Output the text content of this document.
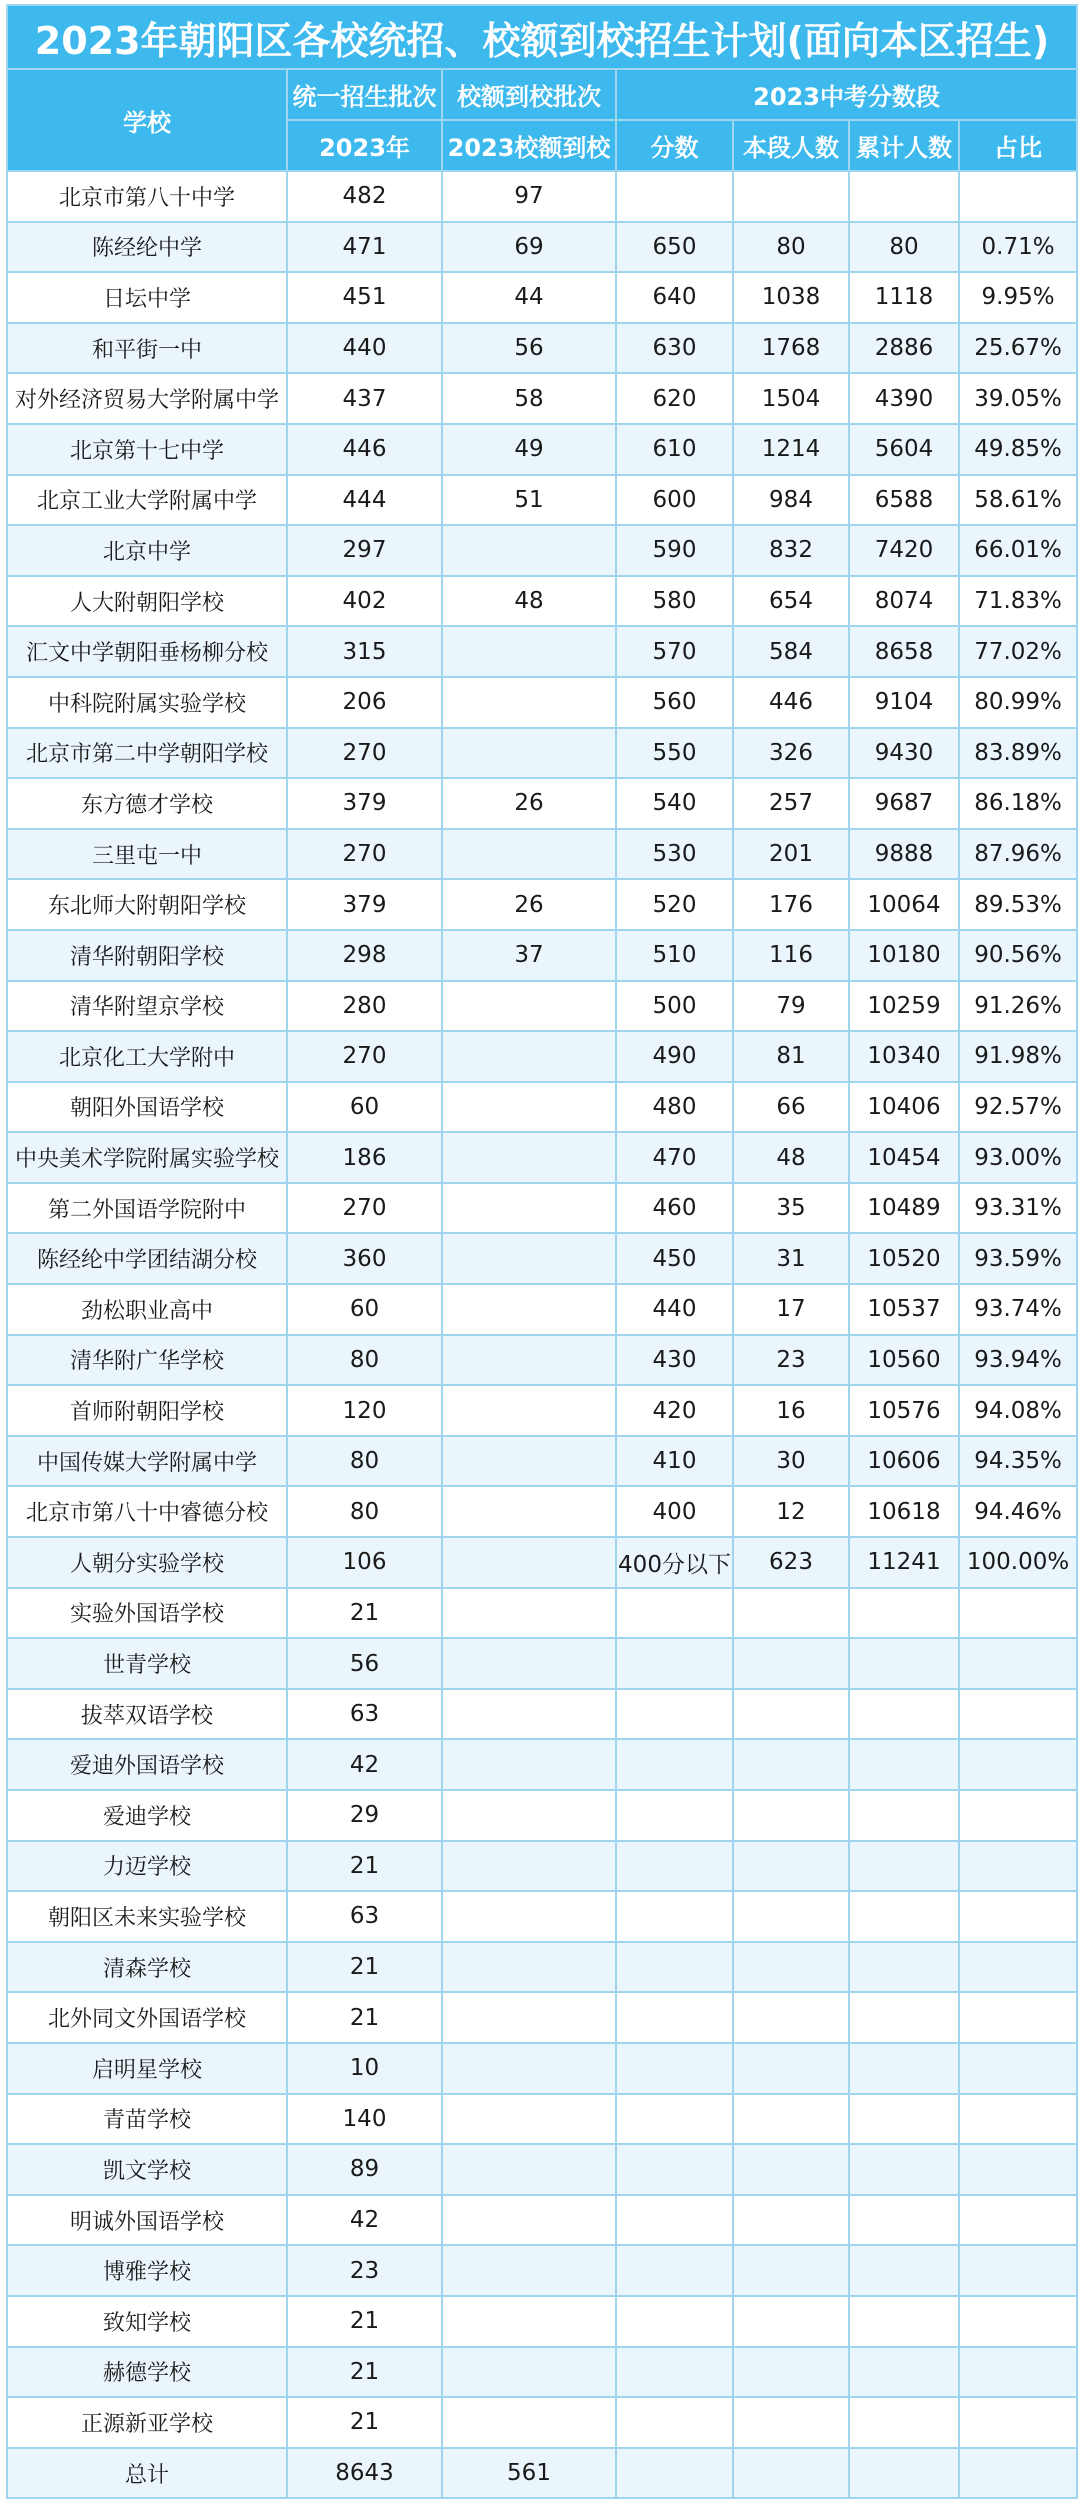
2023年朝阳区各校统招、校额到校招生计划(面向本区招生)						
学校	统一招生批次	校额到校批次	2023中考分数段			
	2023年	2023校额到校	分数	本段人数	累计人数	占比
北京市第八十中学	482	97				
陈经纶中学	471	69	650	80	80	0.71%
日坛中学	451	44	640	1038	1118	9.95%
和平街一中	440	56	630	1768	2886	25.67%
对外经济贸易大学附属中学	437	58	620	1504	4390	39.05%
北京第十七中学	446	49	610	1214	5604	49.85%
北京工业大学附属中学	444	51	600	984	6588	58.61%
北京中学	297		590	832	7420	66.01%
人大附朝阳学校	402	48	580	654	8074	71.83%
汇文中学朝阳垂杨柳分校	315		570	584	8658	77.02%
中科院附属实验学校	206		560	446	9104	80.99%
北京市第二中学朝阳学校	270		550	326	9430	83.89%
东方德才学校	379	26	540	257	9687	86.18%
三里屯一中	270		530	201	9888	87.96%
东北师大附朝阳学校	379	26	520	176	10064	89.53%
清华附朝阳学校	298	37	510	116	10180	90.56%
清华附望京学校	280		500	79	10259	91.26%
北京化工大学附中	270		490	81	10340	91.98%
朝阳外国语学校	60		480	66	10406	92.57%
中央美术学院附属实验学校	186		470	48	10454	93.00%
第二外国语学院附中	270		460	35	10489	93.31%
陈经纶中学团结湖分校	360		450	31	10520	93.59%
劲松职业高中	60		440	17	10537	93.74%
清华附广华学校	80		430	23	10560	93.94%
首师附朝阳学校	120		420	16	10576	94.08%
中国传媒大学附属中学	80		410	30	10606	94.35%
北京市第八十中睿德分校	80		400	12	10618	94.46%
人朝分实验学校	106		400分以下	623	11241	100.00%
实验外国语学校	21					
世青学校	56					
拔萃双语学校	63					
爱迪外国语学校	42					
爱迪学校	29					
力迈学校	21					
朝阳区未来实验学校	63					
清森学校	21					
北外同文外国语学校	21					
启明星学校	10					
青苗学校	140					
凯文学校	89					
明诚外国语学校	42					
博雅学校	23					
致知学校	21					
赫德学校	21					
正源新亚学校	21					
总计	8643	561				
